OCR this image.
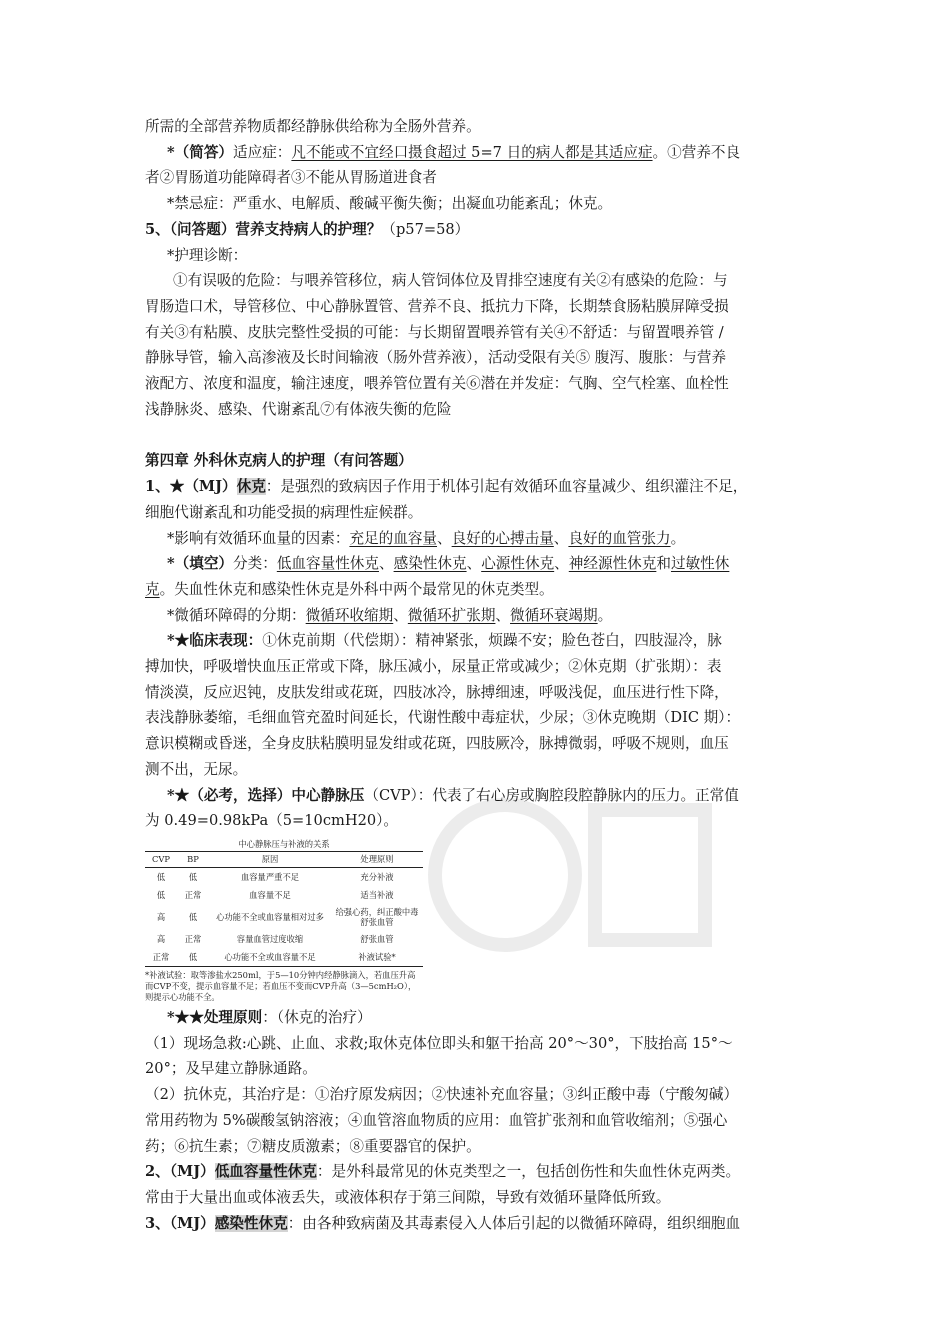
所需的全部营养物质都经静脉供给称为全肠外营养。
*（简答）适应症：凡不能或不宜经口摄食超过 5=7 日的病人都是其适应症。①营养不良
者②胃肠道功能障碍者③不能从胃肠道进食者
*禁忌症：严重水、电解质、酸碱平衡失衡；出凝血功能紊乱；休克。
5、（问答题）营养支持病人的护理？（p57=58）
*护理诊断：
①有误吸的危险：与喂养管移位，病人管饲体位及胃排空速度有关②有感染的危险：与
胃肠造口术，导管移位、中心静脉置管、营养不良、抵抗力下降，长期禁食肠粘膜屏障受损
有关③有粘膜、皮肤完整性受损的可能：与长期留置喂养管有关④不舒适：与留置喂养管 /
静脉导管，输入高渗液及长时间输液（肠外营养液），活动受限有关⑤ 腹泻、腹胀：与营养
液配方、浓度和温度，输注速度，喂养管位置有关⑥潜在并发症：气胸、空气栓塞、血栓性
浅静脉炎、感染、代谢紊乱⑦有体液失衡的危险
第四章 外科休克病人的护理（有问答题）
1、★（MJ）休克：是强烈的致病因子作用于机体引起有效循环血容量减少、组织灌注不足，
细胞代谢紊乱和功能受损的病理性症候群。
*影响有效循环血量的因素：充足的血容量、良好的心搏击量、良好的血管张力。
*（填空）分类：低血容量性休克、感染性休克、心源性休克、神经源性休克和过敏性休
克。失血性休克和感染性休克是外科中两个最常见的休克类型。
*微循环障碍的分期：微循环收缩期、微循环扩张期、微循环衰竭期。
*★临床表现：①休克前期（代偿期）：精神紧张，烦躁不安；脸色苍白，四肢湿冷，脉
搏加快，呼吸增快血压正常或下降，脉压减小，尿量正常或减少；②休克期（扩张期）：表
情淡漠，反应迟钝，皮肤发绀或花斑，四肢冰冷，脉搏细速，呼吸浅促，血压进行性下降，
表浅静脉萎缩，毛细血管充盈时间延长，代谢性酸中毒症状，少尿；③休克晚期（DIC 期）：
意识模糊或昏迷，全身皮肤粘膜明显发绀或花斑，四肢厥冷，脉搏微弱，呼吸不规则，血压
测不出，无尿。
*★（必考，选择）中心静脉压（CVP）：代表了右心房或胸腔段腔静脉内的压力。正常值
为 0.49=0.98kPa（5=10cmH20）。
中心静脉压与补液的关系
CVP	BP	原因	处理原则
低	低	血容量严重不足	充分补液
低	正常	血容量不足	适当补液
高	低	心功能不全或血容量相对过多	给强心药，纠正酸中毒
舒张血管
高	正常	容量血管过度收缩	舒张血管
正常	低	心功能不全或血容量不足	补液试验*
*补液试验：取等渗盐水250ml，于5—10分钟内经静脉滴入，若血压升高而CVP不变，提示血容量不足；若血压不变而CVP升高（3—5cmH₂O），则提示心功能不全。
*★★处理原则：（休克的治疗）
（1）现场急救:心跳、止血、求救;取休克体位即头和躯干抬高 20°～30°，下肢抬高 15°～
20°；及早建立静脉通路。
（2）抗休克，其治疗是：①治疗原发病因；②快速补充血容量；③纠正酸中毒（宁酸匆碱）
常用药物为 5%碳酸氢钠溶液；④血管溶血物质的应用：血管扩张剂和血管收缩剂；⑤强心
药；⑥抗生素；⑦糖皮质激素；⑧重要器官的保护。
2、（MJ）低血容量性休克：是外科最常见的休克类型之一，包括创伤性和失血性休克两类。
常由于大量出血或体液丢失，或液体积存于第三间隙，导致有效循环量降低所致。
3、（MJ）感染性休克：由各种致病菌及其毒素侵入人体后引起的以微循环障碍，组织细胞血
